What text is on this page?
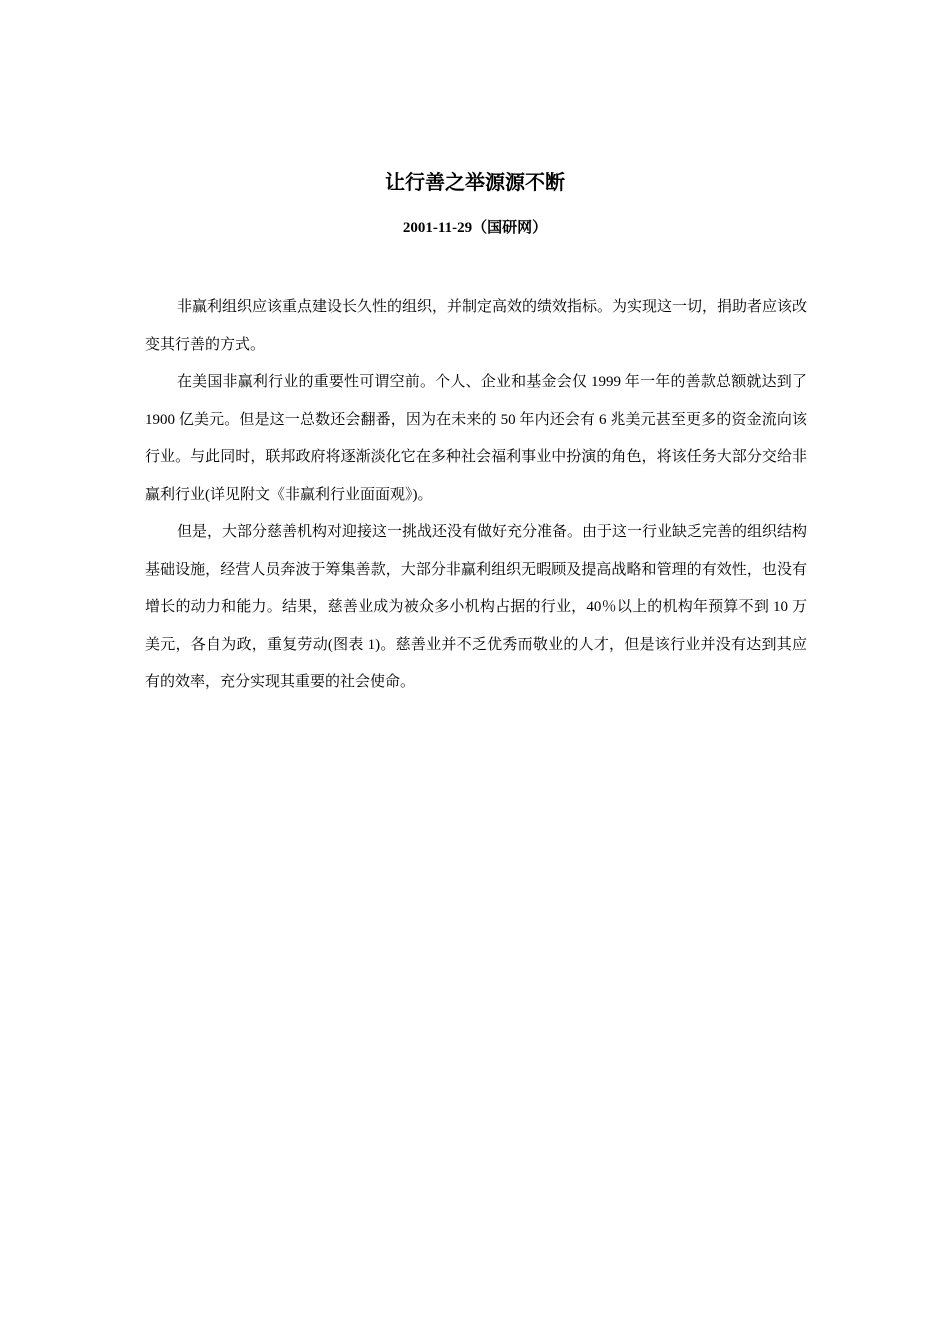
让行善之举源源不断
2001-11-29（国研网）

非赢利组织应该重点建设长久性的组织，并制定高效的绩效指标。为实现这一切，捐助者应该改变其行善的方式。

在美国非赢利行业的重要性可谓空前。个人、企业和基金会仅 1999 年一年的善款总额就达到了 1900 亿美元。但是这一总数还会翻番，因为在未来的 50 年内还会有 6 兆美元甚至更多的资金流向该行业。与此同时，联邦政府将逐渐淡化它在多种社会福利事业中扮演的角色，将该任务大部分交给非赢利行业(详见附文《非赢利行业面面观》)。

但是，大部分慈善机构对迎接这一挑战还没有做好充分准备。由于这一行业缺乏完善的组织结构基础设施，经营人员奔波于筹集善款，大部分非赢利组织无暇顾及提高战略和管理的有效性，也没有增长的动力和能力。结果，慈善业成为被众多小机构占据的行业，40％以上的机构年预算不到 10 万美元，各自为政，重复劳动(图表 1)。慈善业并不乏优秀而敬业的人才，但是该行业并没有达到其应有的效率，充分实现其重要的社会使命。
